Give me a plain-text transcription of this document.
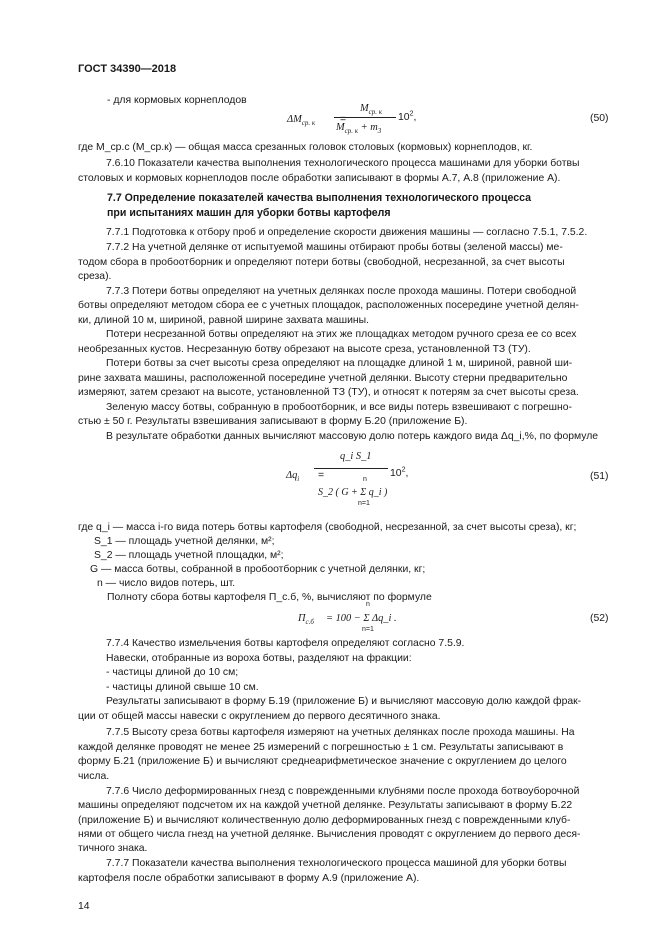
ГОСТ 34390—2018
- для кормовых корнеплодов
$\Delta M_{ср. к}$ =
$M_{ср. к}$
$M_{ср. к} + m_3$
$10^2$,	(50)
где M_ср.с (M_ср.к) — общая масса срезанных головок столовых (кормовых) корнеплодов, кг.
7.6.10 Показатели качества выполнения технологического процесса машинами для уборки ботвы
столовых и кормовых корнеплодов после обработки записывают в формы А.7, А.8 (приложение А).
7.7 Определение показателей качества выполнения технологического процесса
при испытаниях машин для уборки ботвы картофеля
7.7.1 Подготовка к отбору проб и определение скорости движения машины — согласно 7.5.1, 7.5.2.
7.7.2 На учетной делянке от испытуемой машины отбирают пробы ботвы (зеленой массы) ме-
тодом сбора в пробоотборник и определяют потери ботвы (свободной, несрезанной, за счет высоты
среза).
7.7.3 Потери ботвы определяют на учетных делянках после прохода машины. Потери свободной
ботвы определяют методом сбора ее с учетных площадок, расположенных посередине учетной делян-
ки, длиной 10 м, шириной, равной ширине захвата машины.
Потери несрезанной ботвы определяют на этих же площадках методом ручного среза ее со всех
необрезанных кустов. Несрезанную ботву обрезают на высоте среза, установленной ТЗ (ТУ).
Потери ботвы за счет высоты среза определяют на площадке длиной 1 м, шириной, равной ши-
рине захвата машины, расположенной посередине учетной делянки. Высоту стерни предварительно
измеряют, затем срезают на высоте, установленной ТЗ (ТУ), и относят к потерям за счет высоты среза.
Зеленую массу ботвы, собранную в пробоотборник, и все виды потерь взвешивают с погрешно-
стью ± 50 г. Результаты взвешивания записывают в форму Б.20 (приложение Б).
В результате обработки данных вычисляют массовую долю потерь каждого вида Δq_i,%, по формуле
$\Delta q_i$ =
q_i S_1
S_2 ( G + Σ q_i )
n
n=1
$10^2$,	(51)
где q_i — масса i-го вида потерь ботвы картофеля (свободной, несрезанной, за счет высоты среза), кг;
S_1 — площадь учетной делянки, м²;
S_2 — площадь учетной площадки, м²;
G — масса ботвы, собранной в пробоотборник с учетной делянки, кг;
n — число видов потерь, шт.
Полноту сбора ботвы картофеля П_с.б, %, вычисляют по формуле
$П_{с.б} = 100 - \Sigma$ Δq_i .
n
n=1
(52)
7.7.4 Качество измельчения ботвы картофеля определяют согласно 7.5.9.
Навески, отобранные из вороха ботвы, разделяют на фракции:
- частицы длиной до 10 см;
- частицы длиной свыше 10 см.
Результаты записывают в форму Б.19 (приложение Б) и вычисляют массовую долю каждой фрак-
ции от общей массы навески с округлением до первого десятичного знака.
7.7.5 Высоту среза ботвы картофеля измеряют на учетных делянках после прохода машины. На
каждой делянке проводят не менее 25 измерений с погрешностью ± 1 см. Результаты записывают в
форму Б.21 (приложение Б) и вычисляют среднеарифметическое значение с округлением до целого
числа.
7.7.6 Число деформированных гнезд с поврежденными клубнями после прохода ботвоуборочной
машины определяют подсчетом их на каждой учетной делянке. Результаты записывают в форму Б.22
(приложение Б) и вычисляют количественную долю деформированных гнезд с поврежденными клуб-
нями от общего числа гнезд на учетной делянке. Вычисления проводят с округлением до первого деся-
тичного знака.
7.7.7 Показатели качества выполнения технологического процесса машиной для уборки ботвы
картофеля после обработки записывают в форму А.9 (приложение А).
14
